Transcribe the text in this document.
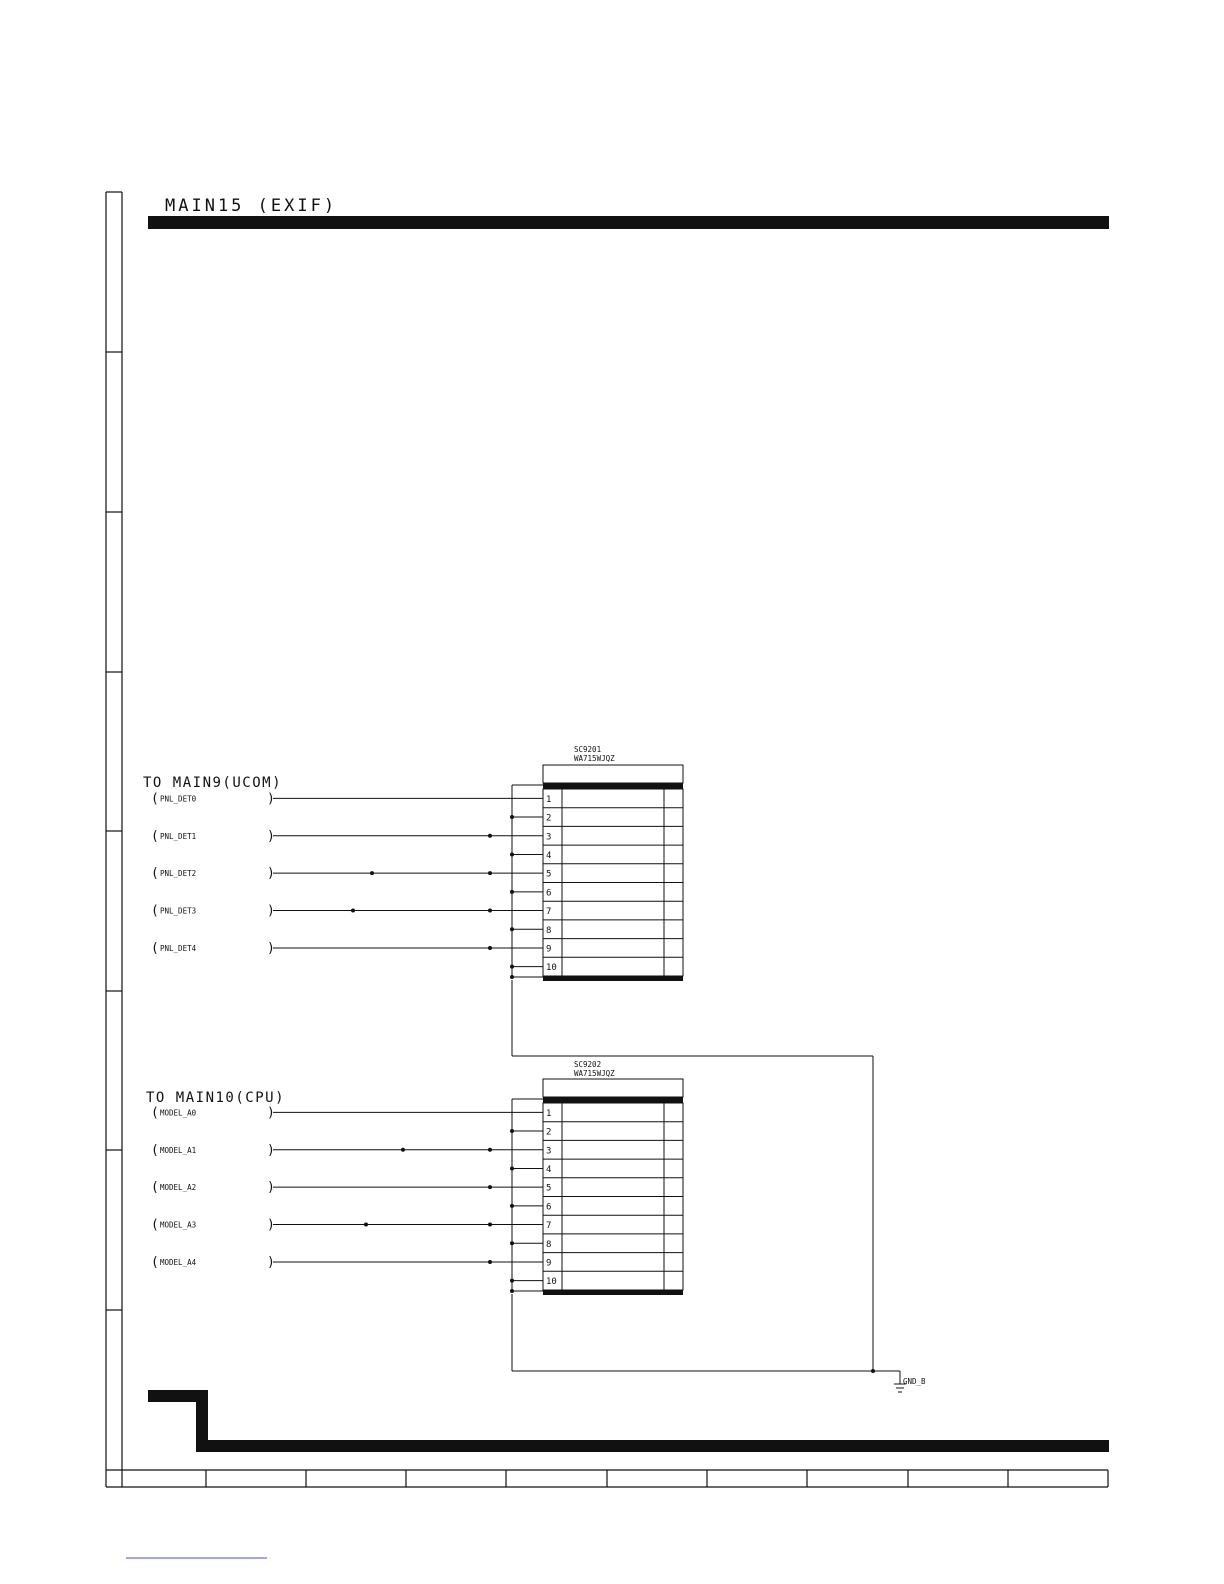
MAIN15 (EXIF)
SC9201
WA715WJQZ
TO MAIN9(UCOM)
1
2
3
4
5
6
7
8
9
10
( PNL_DET0	)
( PNL_DET1	)
( PNL_DET2	)
( PNL_DET3	)
( PNL_DET4	)
SC9202
WA715WJQZ
TO MAIN10(CPU)
1
2
3
4
5
6
7
8
9
10
( MODEL_A0	)
( MODEL_A1	)
( MODEL_A2	)
( MODEL_A3	)
( MODEL_A4	)
GND_B
